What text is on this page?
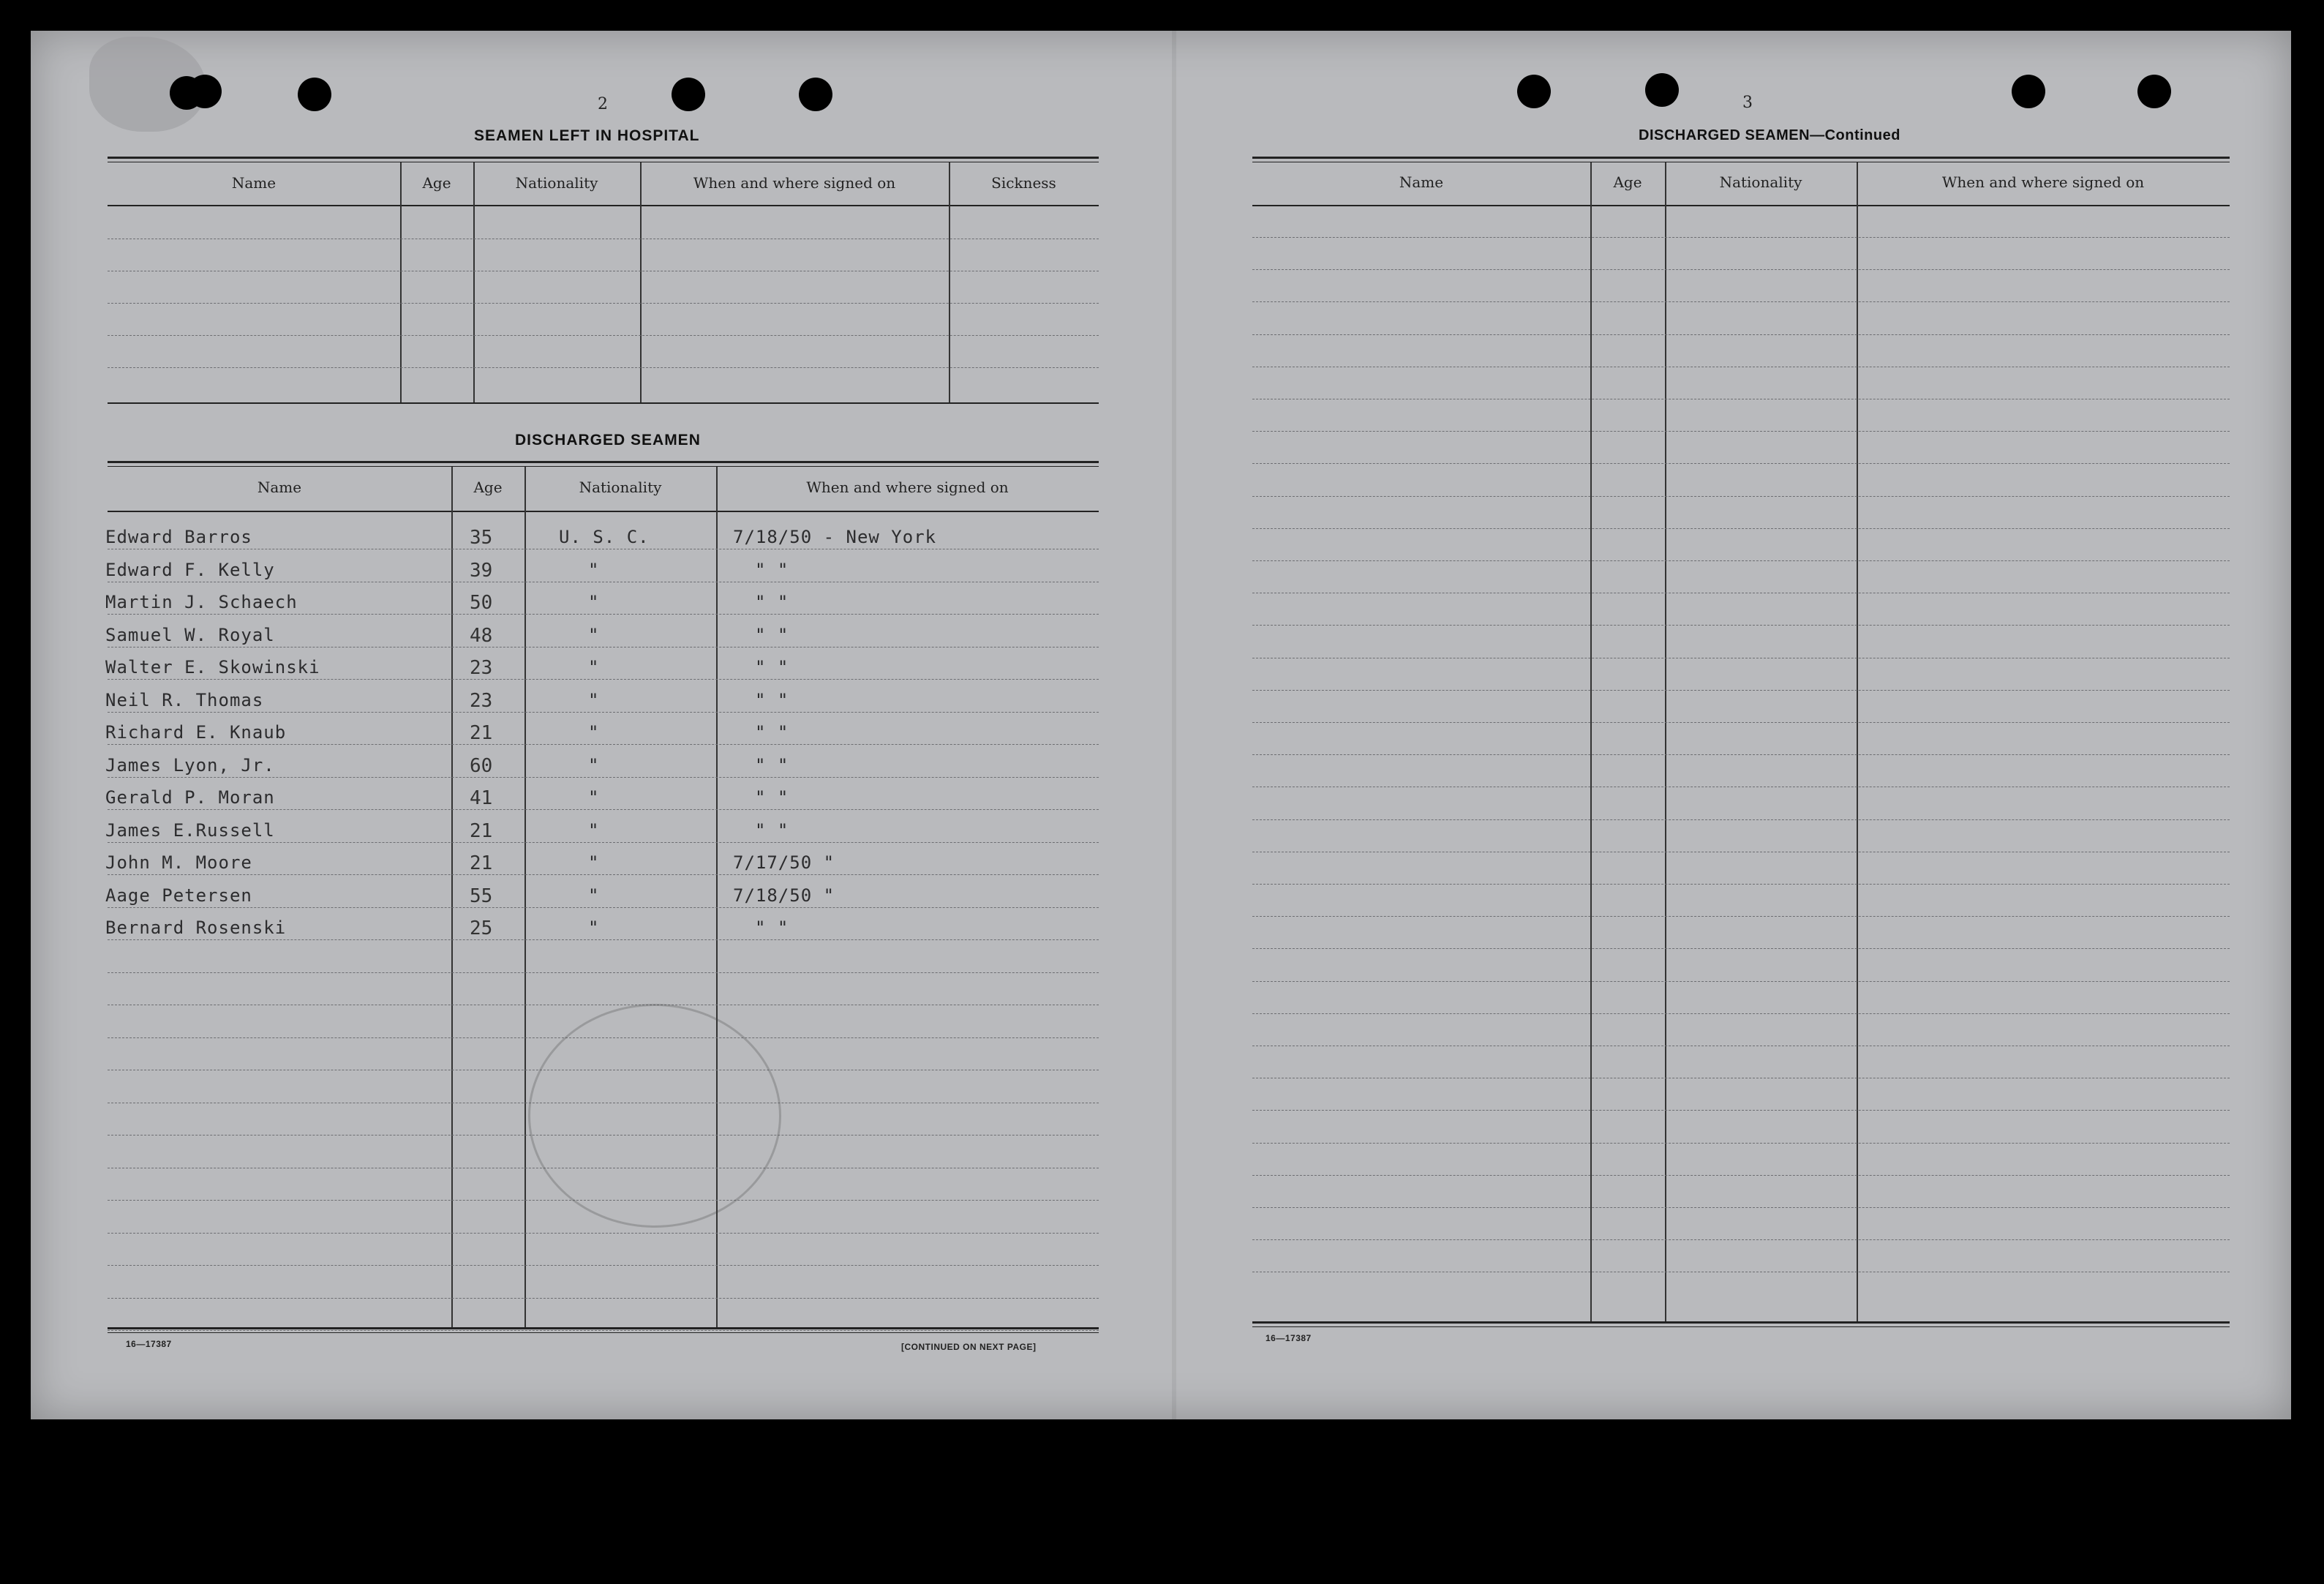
2
SEAMEN LEFT IN HOSPITAL
Name	Age	Nationality	When and where signed on	Sickness
DISCHARGED SEAMEN
Name	Age	Nationality	When and where signed on
Edward Barros	35	U. S. C.	7/18/50 - New York
Edward F. Kelly	39	"	" "
Martin J. Schaech	50	"	" "
Samuel W. Royal	48	"	" "
Walter E. Skowinski	23	"	" "
Neil R. Thomas	23	"	" "
Richard E. Knaub	21	"	" "
James Lyon, Jr.	60	"	" "
Gerald P. Moran	41	"	" "
James E.Russell	21	"	" "
John M. Moore	21	"	7/17/50 "
Aage Petersen	55	"	7/18/50 "
Bernard Rosenski	25	"	" "
16—17387	[CONTINUED ON NEXT PAGE]
3
DISCHARGED SEAMEN—Continued
Name	Age	Nationality	When and where signed on
16—17387
